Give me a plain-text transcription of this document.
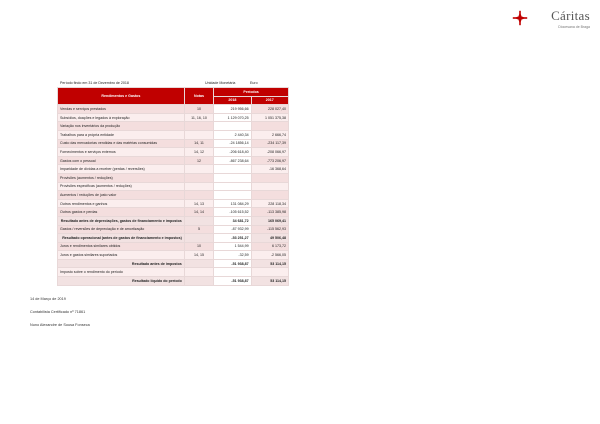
Cáritas
Diocesana de Braga
Período findo em 31 de Dezembro de 2018	Unidade Monetária	Euro
Rendimentos e Gastos	Notas	Períodos	
		2018	2017
Vendas e serviços prestados	10	219 956,66	228 027,40
Subsídios, doações e legados à exploração	11, 16, 10	1 129 070,25	1 051 375,38
Variação nos inventários da produção			
Trabalhos para a própria entidade		2 440,34	2 666,74
Custo das mercadorias vendidas e das matérias consumidas	14, 11	-24 1856,14	-234 117,39
Fornecimentos e serviços externos	14, 12	-206 618,40	-208 066,97
Gastos com o pessoal	12	-867 238,64	-773 206,97
Imparidade de dívidas a receber (perdas / reversões)			-16 368,64
Provisões (aumentos / reduções)			
Provisões específicas (aumentos / reduções)			
Aumentos / reduções de justo valor			
Outros rendimentos e ganhos	14, 13	131 084,29	228 118,34
Outros gastos e perdas	14, 14	-105 615,52	-113 385,98
Resultado antes de depreciações, gastos de financiamento e impostos		34 681,72	165 069,41
Gastos / reversões de depreciação e de amortização	5	-87 932,99	-115 562,93
Resultado operacional (antes de gastos de financiamento e impostos)		-53 251,27	49 506,48
Juros e rendimentos similares obtidos	10	1 544,99	6 173,72
Juros e gastos similares suportados	14, 15	-32,59	-2 566,05
Resultado antes de impostos		-51 938,87	53 114,15
Imposto sobre o rendimento do período			
Resultado líquido do período		-51 938,87	53 114,15
14 de Março de 2019
Contabilista Certificado nº 71861
Nuno Alexandre de Sousa Fonseca
